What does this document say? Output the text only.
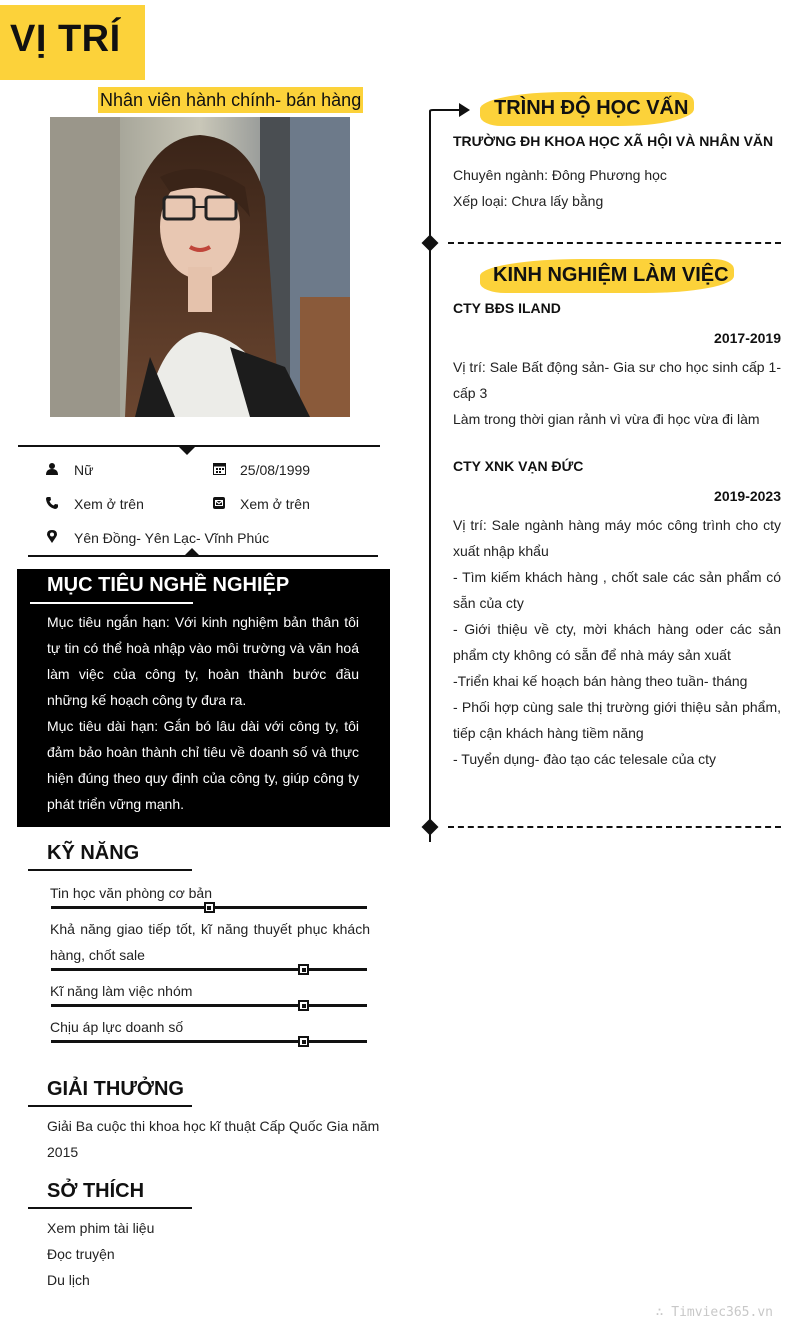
VỊ TRÍ
Nhân viên hành chính- bán hàng
Nữ	25/08/1999
Xem ở trên	Xem ở trên
Yên Đồng- Yên Lạc- Vĩnh Phúc
MỤC TIÊU NGHỀ NGHIỆP
Mục tiêu ngắn hạn: Với kinh nghiệm bản thân tôi tự tin có thể hoà nhập vào môi trường và văn hoá làm việc của công ty, hoàn thành bước đầu những kế hoạch công ty đưa ra.
Mục tiêu dài hạn: Gắn bó lâu dài với công ty, tôi đảm bảo hoàn thành chỉ tiêu về doanh số và thực hiện đúng theo quy định của công ty, giúp công ty phát triển vững mạnh.
KỸ NĂNG
Tin học văn phòng cơ bản
Khả năng giao tiếp tốt, kĩ năng thuyết phục khách hàng, chốt sale
Kĩ năng làm việc nhóm
Chịu áp lực doanh số
GIẢI THƯỞNG
Giải Ba cuộc thi khoa học kĩ thuật Cấp Quốc Gia năm 2015
SỞ THÍCH
Xem phim tài liệu
Đọc truyện
Du lịch
TRÌNH ĐỘ HỌC VẤN
TRƯỜNG ĐH KHOA HỌC XÃ HỘI VÀ NHÂN VĂN
Chuyên ngành: Đông Phương học
Xếp loại: Chưa lấy bằng
KINH NGHIỆM LÀM VIỆC
CTY BĐS ILAND
2017-2019
Vị trí: Sale Bất động sản- Gia sư cho học sinh cấp 1- cấp 3
Làm trong thời gian rảnh vì vừa đi học vừa đi làm
CTY XNK VẠN ĐỨC
2019-2023
Vị trí: Sale ngành hàng máy móc công trình cho cty xuất nhập khẩu
- Tìm kiếm khách hàng , chốt sale các sản phẩm có sẵn của cty
- Giới thiệu về cty, mời khách hàng oder các sản phẩm cty không có sẵn để nhà máy sản xuất
-Triển khai kế hoạch bán hàng theo tuần- tháng
- Phối hợp cùng sale thị trường giới thiệu sản phẩm, tiếp cận khách hàng tiềm năng
- Tuyển dụng- đào tạo các telesale của cty
∴ Timviec365.vn
